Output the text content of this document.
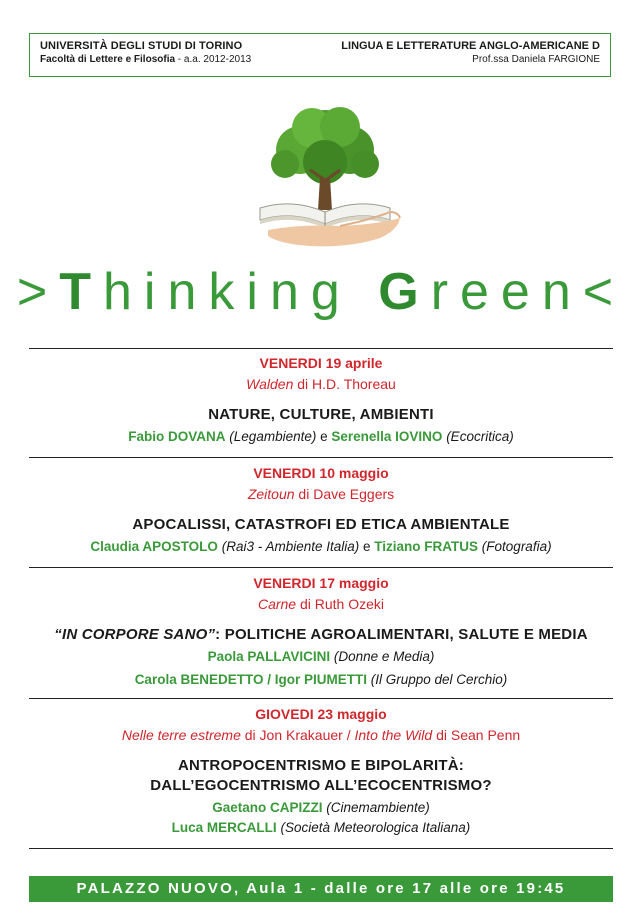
UNIVERSITÀ DEGLI STUDI DI TORINO
Facoltà di Lettere e Filosofia - a.a. 2012-2013
LINGUA E LETTERATURE ANGLO-AMERICANE D
Prof.ssa Daniela FARGIONE
>Thinking Green<
VENERDI 19 aprile
Walden di H.D. Thoreau
NATURE, CULTURE, AMBIENTI
Fabio DOVANA (Legambiente) e Serenella IOVINO (Ecocritica)
VENERDI 10 maggio
Zeitoun di Dave Eggers
APOCALISSI, CATASTROFI ED ETICA AMBIENTALE
Claudia APOSTOLO (Rai3 - Ambiente Italia) e Tiziano FRATUS (Fotografia)
VENERDI 17 maggio
Carne di Ruth Ozeki
“IN CORPORE SANO”: POLITICHE AGROALIMENTARI, SALUTE E MEDIA
Paola PALLAVICINI (Donne e Media)
Carola BENEDETTO / Igor PIUMETTI (Il Gruppo del Cerchio)
GIOVEDI 23 maggio
Nelle terre estreme di Jon Krakauer / Into the Wild di Sean Penn
ANTROPOCENTRISMO E BIPOLARITÀ:
DALL’EGOCENTRISMO ALL’ECOCENTRISMO?
Gaetano CAPIZZI (Cinemambiente)
Luca MERCALLI (Società Meteorologica Italiana)
PALAZZO NUOVO, Aula 1 - dalle ore 17 alle ore 19:45
